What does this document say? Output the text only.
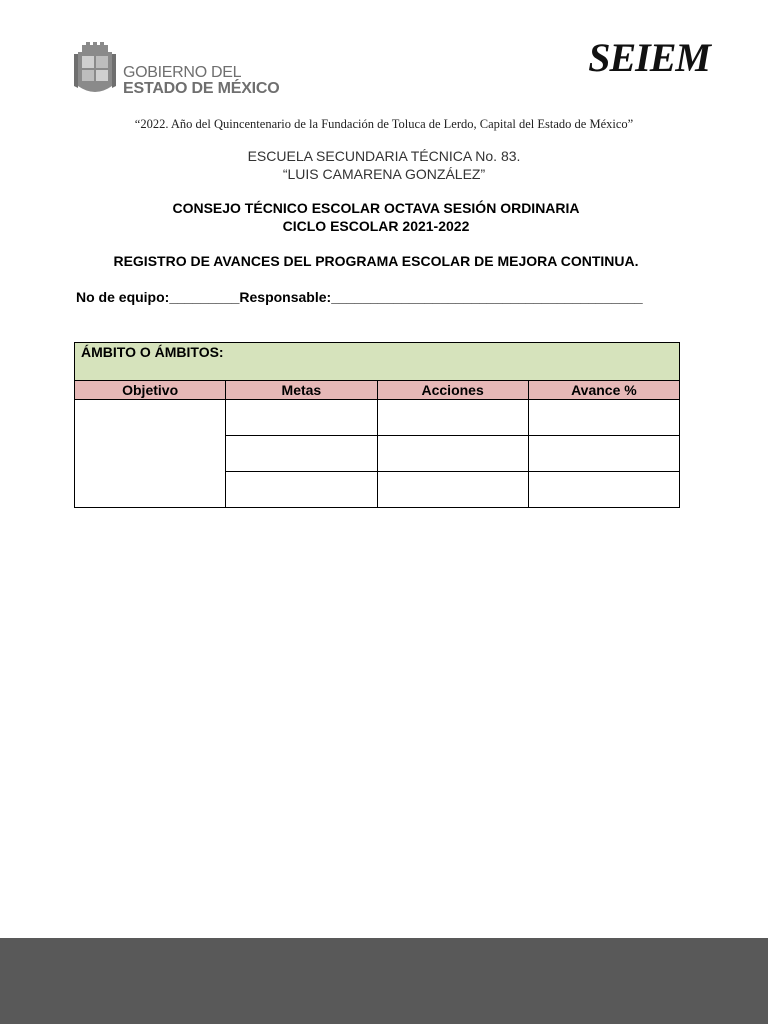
GOBIERNO DEL
ESTADO DE MÉXICO
SEIEM
“2022. Año del Quincentenario de la Fundación de Toluca de Lerdo, Capital del Estado de México”
ESCUELA SECUNDARIA TÉCNICA No. 83.
“LUIS CAMARENA GONZÁLEZ”
CONSEJO TÉCNICO ESCOLAR OCTAVA SESIÓN ORDINARIA
CICLO ESCOLAR 2021-2022
REGISTRO DE AVANCES DEL PROGRAMA ESCOLAR DE MEJORA CONTINUA.
No de equipo:_________Responsable:________________________________________
ÁMBITO O ÁMBITOS:			
Objetivo	Metas	Acciones	Avance %
